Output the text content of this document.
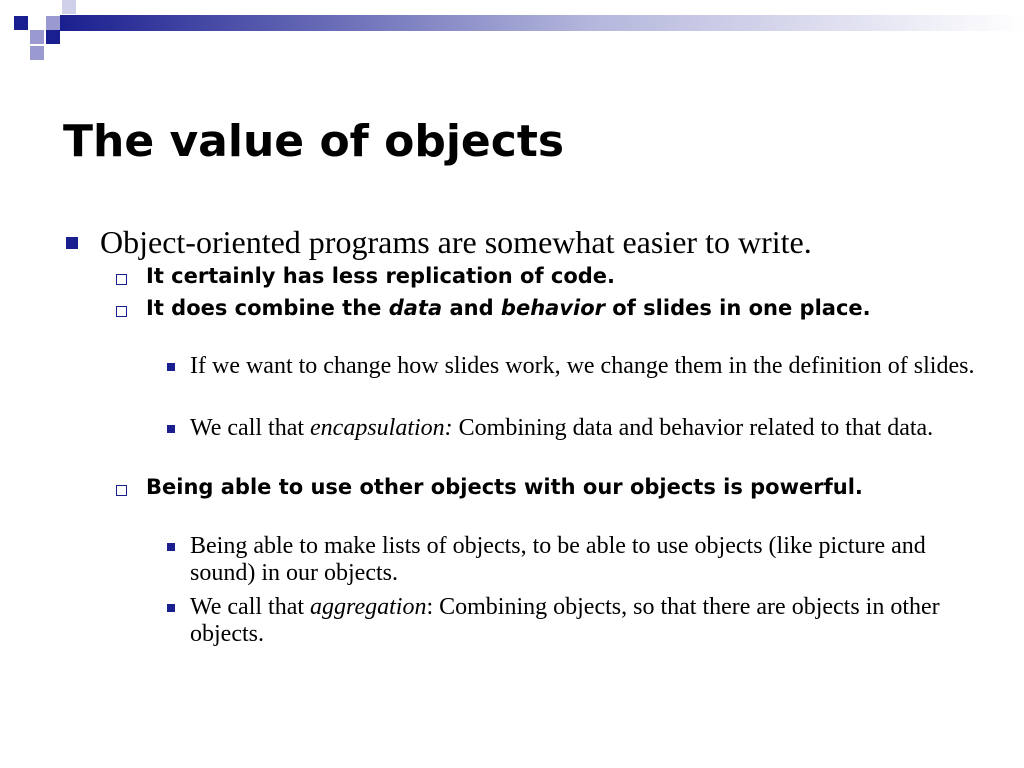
The value of objects
Object-oriented programs are somewhat easier to write.
It certainly has less replication of code.
It does combine the data and behavior of slides in one place.
If we want to change how slides work, we change them in the definition of slides.
We call that encapsulation: Combining data and behavior related to that data.
Being able to use other objects with our objects is powerful.
Being able to make lists of objects, to be able to use objects (like picture and sound) in our objects.
We call that aggregation: Combining objects, so that there are objects in other objects.
